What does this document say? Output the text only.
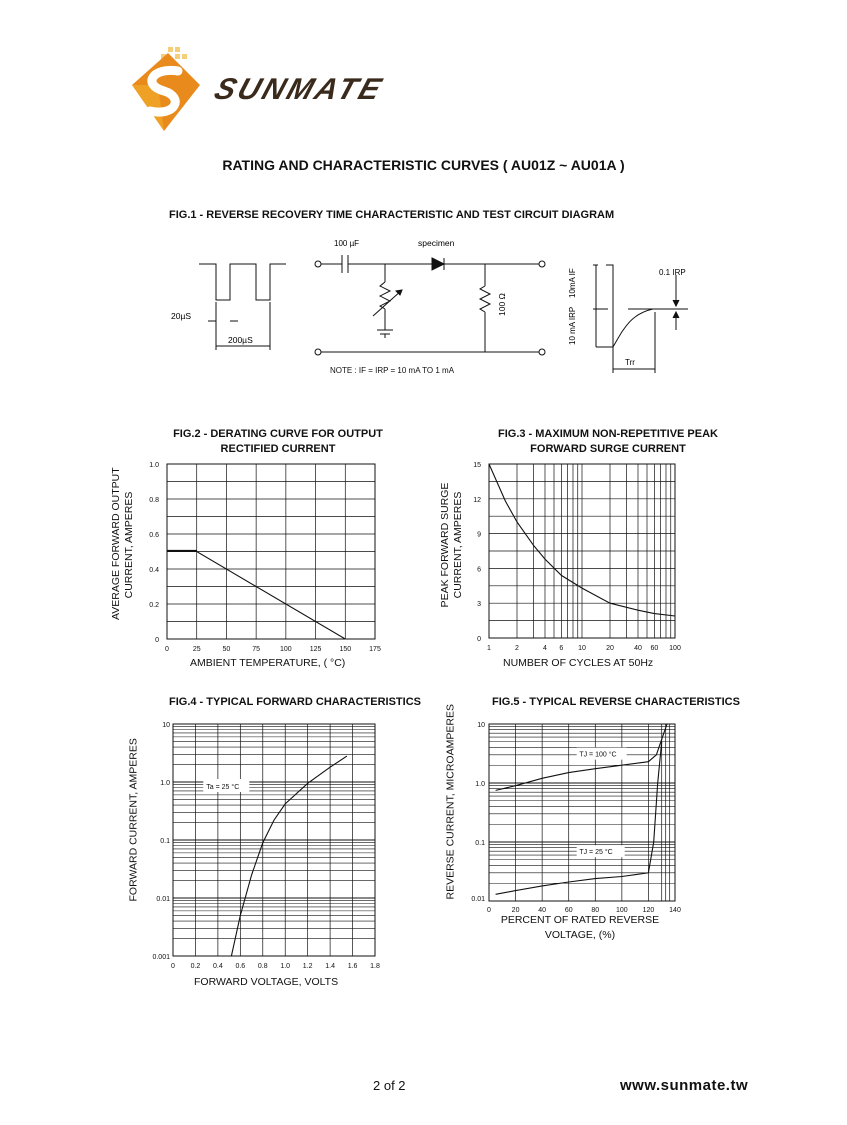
SUNMATE
RATING AND CHARACTERISTIC CURVES ( AU01Z ~ AU01A )
FIG.1 - REVERSE RECOVERY TIME CHARACTERISTIC AND TEST CIRCUIT DIAGRAM
100 µF	specimen
20µS
200µS
100 Ω
10mA IF
10 mA IRP
0.1 IRP
Trr
NOTE : IF = IRP = 10 mA TO 1 mA
FIG.2 - DERATING CURVE FOR OUTPUT
RECTIFIED CURRENT
AVERAGE FORWARD OUTPUT CURRENT, AMPERES
1.0
0.8
0.6
0.4
0.2
0
0	25	50	75	100	125	150	175
AMBIENT TEMPERATURE, ( °C)
FIG.3 - MAXIMUM NON-REPETITIVE PEAK
FORWARD SURGE CURRENT
PEAK FORWARD SURGE CURRENT, AMPERES
15
12
9
6
3
0
1	2	4 6 10	20	40 60 100
NUMBER OF CYCLES AT 50Hz
FIG.4 - TYPICAL FORWARD CHARACTERISTICS
FORWARD CURRENT, AMPERES
10
1.0
0.1
0.01
0.001
0 0.2 0.4 0.6 0.8 1.0 1.2 1.4 1.6 1.8
Ta = 25 °C
FORWARD VOLTAGE, VOLTS
FIG.5 - TYPICAL REVERSE CHARACTERISTICS
REVERSE CURRENT, MICROAMPERES	10
1.0
0.1
0.01
0	20	40	60	80 100 120 140
TJ = 100 °C
TJ = 25 °C
PERCENT OF RATED REVERSE
VOLTAGE, (%)
2 of 2	www.sunmate.tw
